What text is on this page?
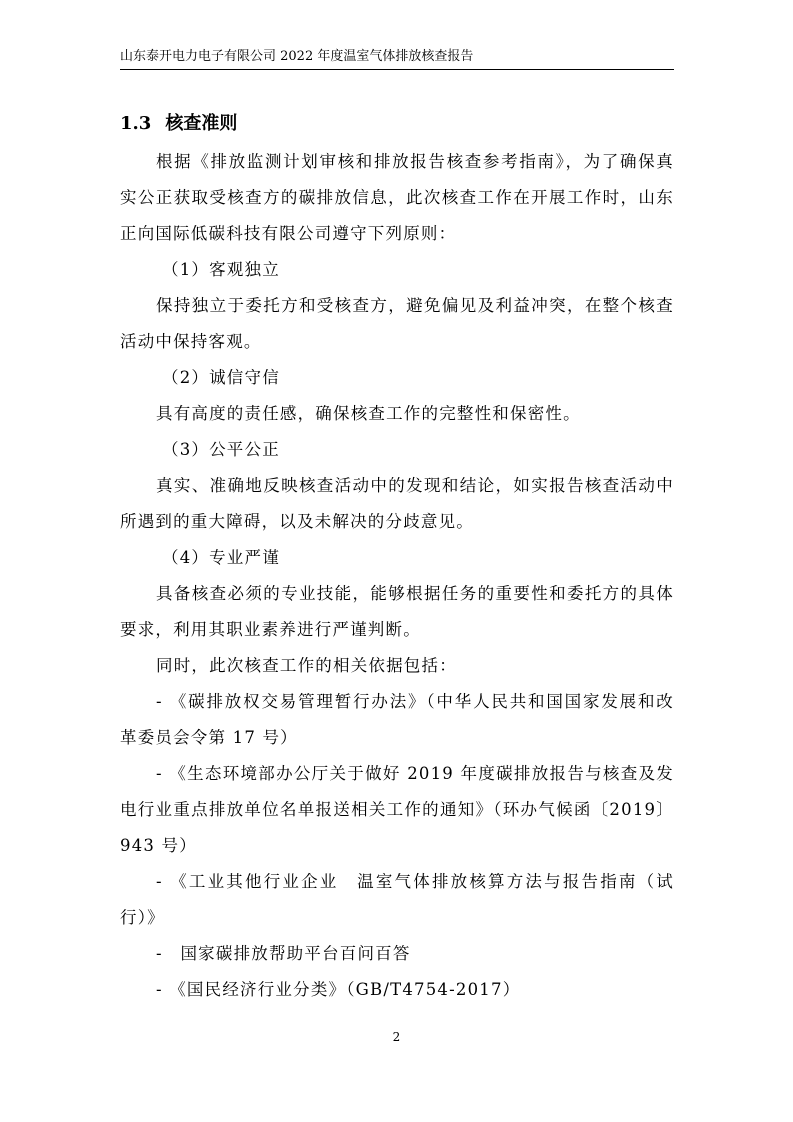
山东泰开电力电子有限公司 2022 年度温室气体排放核查报告
1.3 核查准则

根据《排放监测计划审核和排放报告核查参考指南》，为了确保真实公正获取受核查方的碳排放信息，此次核查工作在开展工作时，山东正向国际低碳科技有限公司遵守下列原则：

（1）客观独立

保持独立于委托方和受核查方，避免偏见及利益冲突，在整个核查活动中保持客观。

（2）诚信守信

具有高度的责任感，确保核查工作的完整性和保密性。

（3）公平公正

真实、准确地反映核查活动中的发现和结论，如实报告核查活动中所遇到的重大障碍，以及未解决的分歧意见。

（4）专业严谨

具备核查必须的专业技能，能够根据任务的重要性和委托方的具体要求，利用其职业素养进行严谨判断。

同时，此次核查工作的相关依据包括：

- 《碳排放权交易管理暂行办法》（中华人民共和国国家发展和改革委员会令第 17 号）

- 《生态环境部办公厅关于做好 2019 年度碳排放报告与核查及发电行业重点排放单位名单报送相关工作的通知》（环办气候函〔2019〕943 号）

- 《工业其他行业企业　温室气体排放核算方法与报告指南（试行）》

-　国家碳排放帮助平台百问百答

- 《国民经济行业分类》（GB/T4754-2017）

2
